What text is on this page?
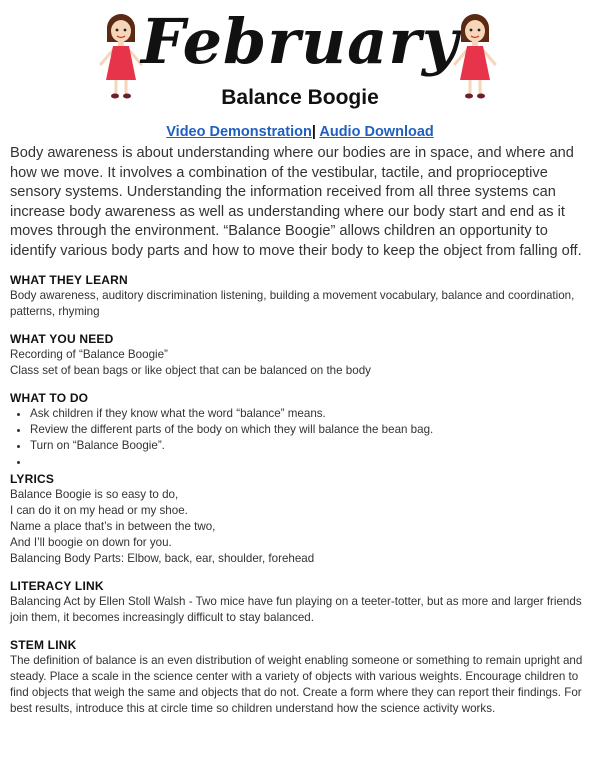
February
Balance Boogie
Video Demonstration| Audio Download

Body awareness is about understanding where our bodies are in space, and where and how we move. It involves a combination of the vestibular, tactile, and proprioceptive sensory systems. Understanding the information received from all three systems can increase body awareness as well as understanding where our body start and end as it moves through the environment. “Balance Boogie” allows children an opportunity to identify various body parts and how to move their body to keep the object from falling off.

WHAT THEY LEARN

Body awareness, auditory discrimination listening, building a movement vocabulary, balance and coordination, patterns, rhyming

WHAT YOU NEED

Recording of “Balance Boogie”

Class set of bean bags or like object that can be balanced on the body

WHAT TO DO
• Ask children if they know what the word “balance” means.
• Review the different parts of the body on which they will balance the bean bag.
• Turn on “Balance Boogie”.
•
LYRICS
Balance Boogie is so easy to do,
I can do it on my head or my shoe.
Name a place that’s in between the two,
And I’ll boogie on down for you.
Balancing Body Parts: Elbow, back, ear, shoulder, forehead
LITERACY LINK

Balancing Act by Ellen Stoll Walsh - Two mice have fun playing on a teeter-totter, but as more and larger friends join them, it becomes increasingly difficult to stay balanced.

STEM LINK

The definition of balance is an even distribution of weight enabling someone or something to remain upright and steady. Place a scale in the science center with a variety of objects with various weights. Encourage children to find objects that weigh the same and objects that do not. Create a form where they can report their findings. For best results, introduce this at circle time so children understand how the science activity works.
